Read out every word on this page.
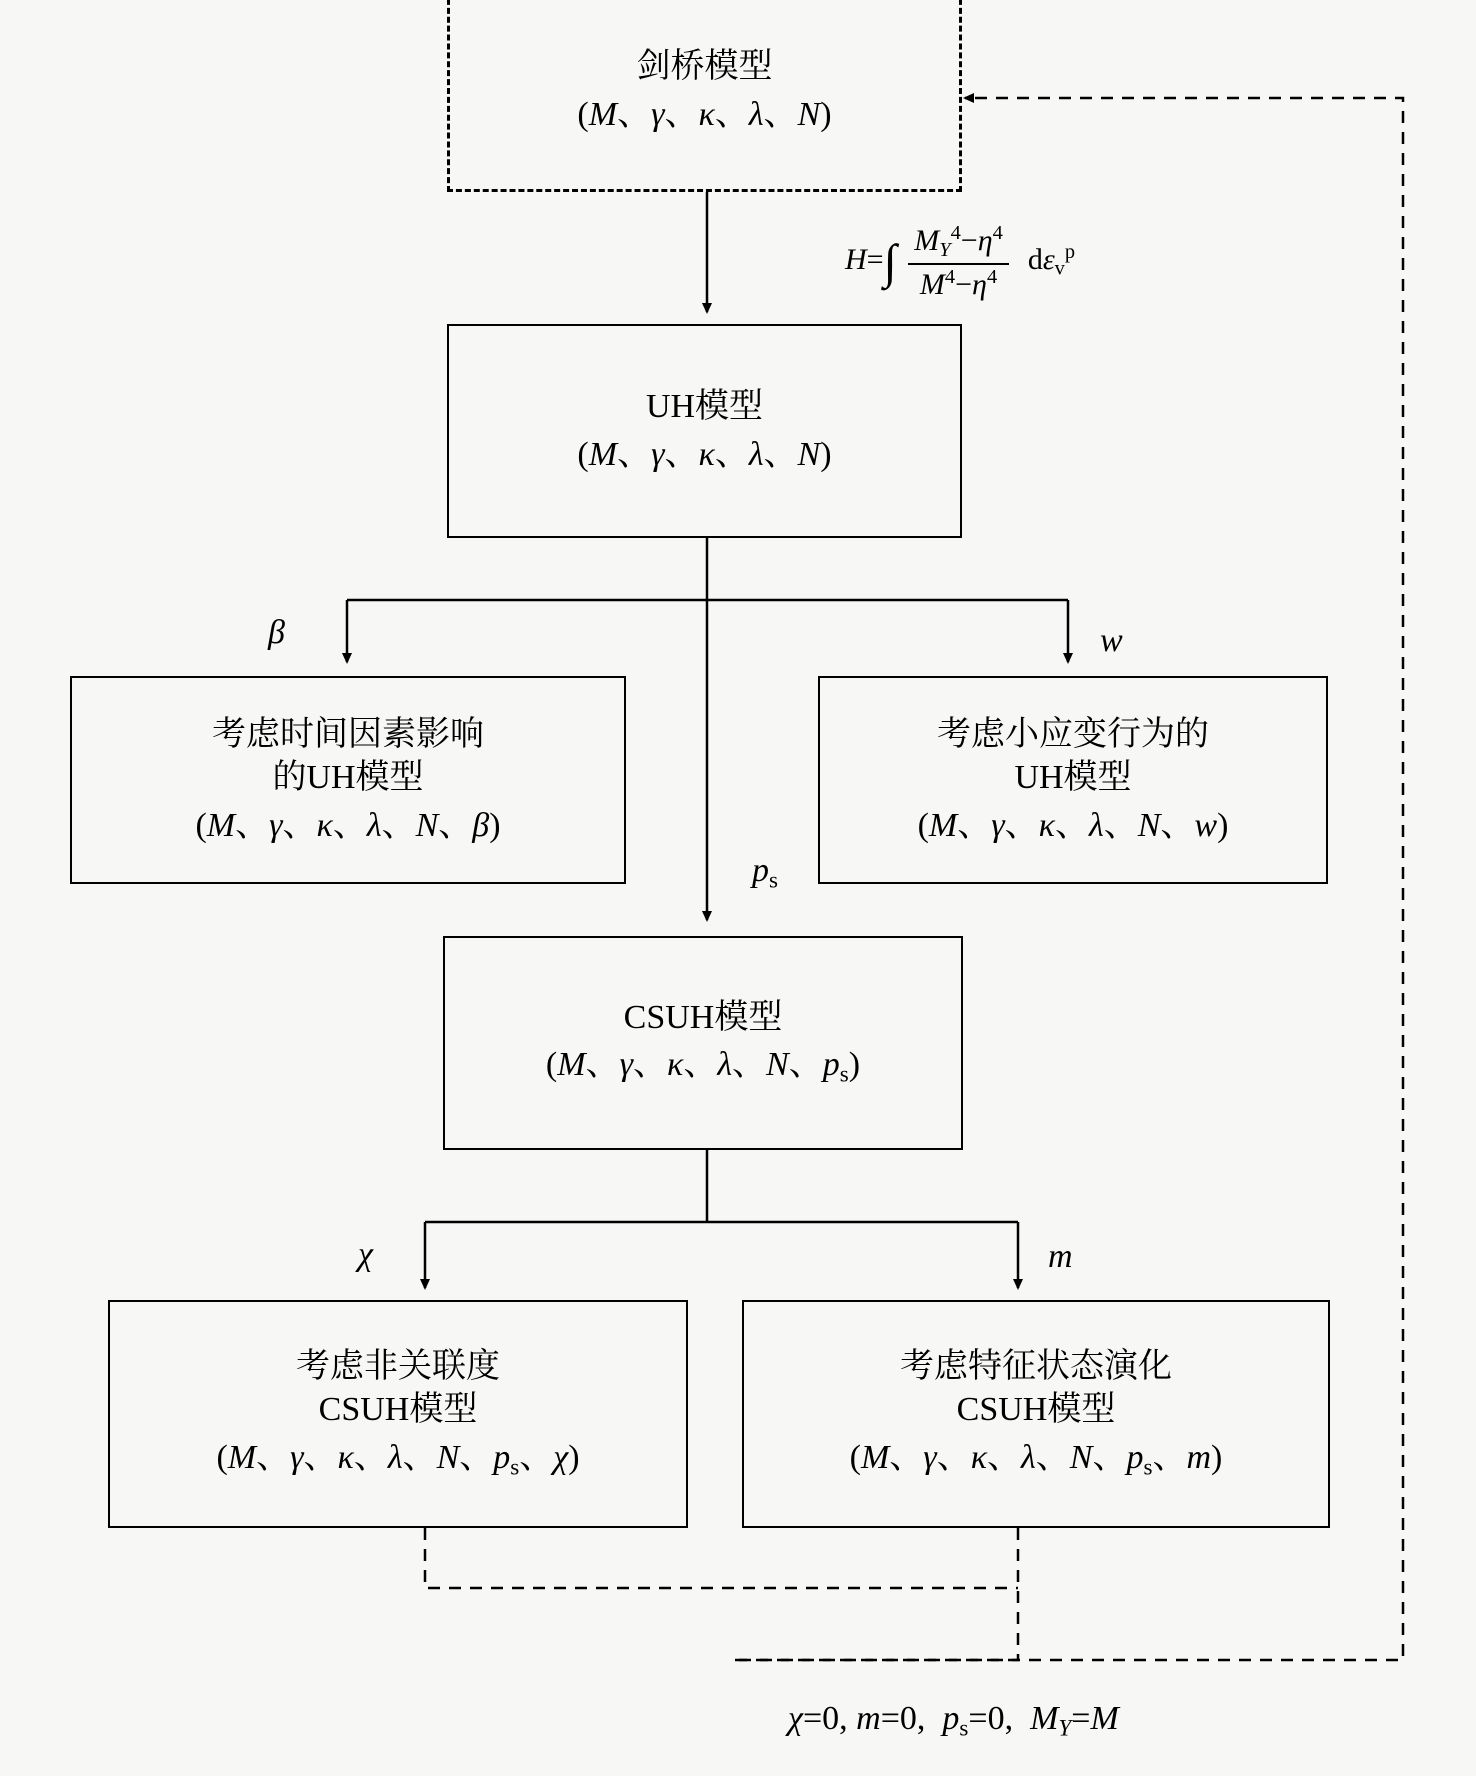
剑桥模型
(M、γ、κ、λ、N)
UH模型
(M、γ、κ、λ、N)
考虑时间因素影响
的UH模型
(M、γ、κ、λ、N、β)
考虑小应变行为的
UH模型
(M、γ、κ、λ、N、w)
CSUH模型
(M、γ、κ、λ、N、$p_s$)
考虑非关联度
CSUH模型
(M、γ、κ、λ、N、$p_s$、χ)
考虑特征状态演化
CSUH模型
(M、γ、κ、λ、N、$p_s$、m)
β	w
$p_s$
χ	m
$H=\int \frac{M_Y^4-\eta^4}{M^4-\eta^4} d\varepsilon_v^p$
χ=0, m=0,  $p_s=0$,  $M_Y=M$
